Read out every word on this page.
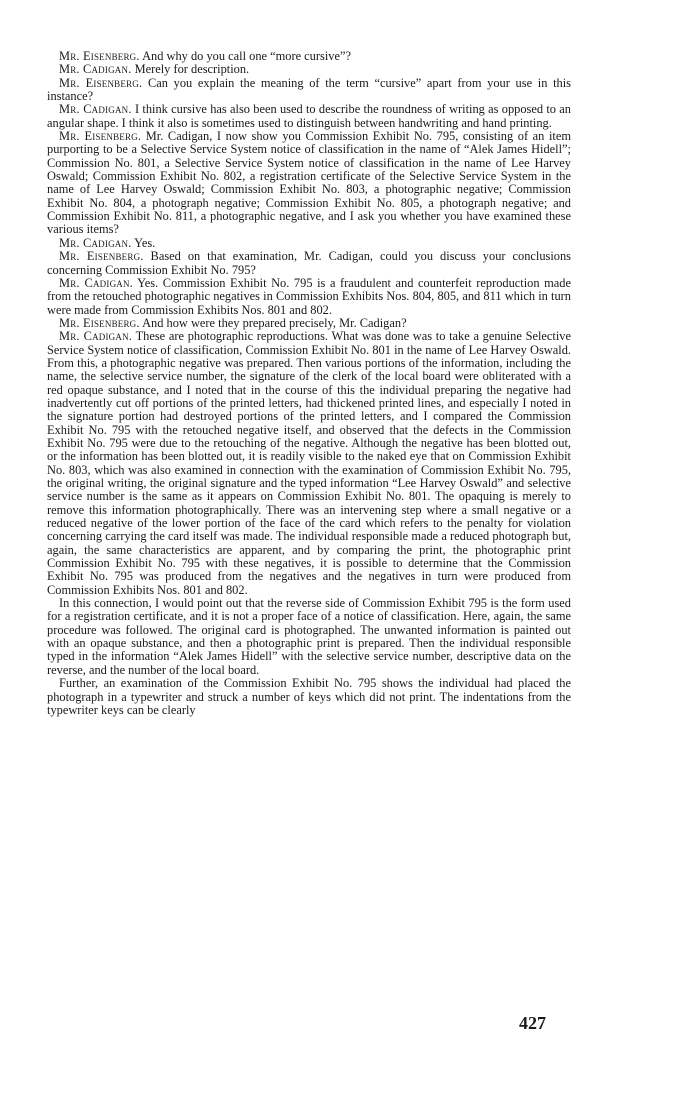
Mr. Eisenberg. And why do you call one “more cursive”?

Mr. Cadigan. Merely for description.

Mr. Eisenberg. Can you explain the meaning of the term “cursive” apart from your use in this instance?

Mr. Cadigan. I think cursive has also been used to describe the roundness of writing as opposed to an angular shape. I think it also is sometimes used to distinguish between handwriting and hand printing.

Mr. Eisenberg. Mr. Cadigan, I now show you Commission Exhibit No. 795, consisting of an item purporting to be a Selective Service System notice of classification in the name of “Alek James Hidell”; Commission No. 801, a Selective Service System notice of classification in the name of Lee Harvey Oswald; Commission Exhibit No. 802, a registration certificate of the Selective Service System in the name of Lee Harvey Oswald; Commission Exhibit No. 803, a photographic negative; Commission Exhibit No. 804, a photograph negative; Commission Exhibit No. 805, a photograph negative; and Commission Exhibit No. 811, a photographic negative, and I ask you whether you have examined these various items?

Mr. Cadigan. Yes.

Mr. Eisenberg. Based on that examination, Mr. Cadigan, could you discuss your conclusions concerning Commission Exhibit No. 795?

Mr. Cadigan. Yes. Commission Exhibit No. 795 is a fraudulent and counterfeit reproduction made from the retouched photographic negatives in Commission Exhibits Nos. 804, 805, and 811 which in turn were made from Commission Exhibits Nos. 801 and 802.

Mr. Eisenberg. And how were they prepared precisely, Mr. Cadigan?

Mr. Cadigan. These are photographic reproductions. What was done was to take a genuine Selective Service System notice of classification, Commission Exhibit No. 801 in the name of Lee Harvey Oswald. From this, a photographic negative was prepared. Then various portions of the information, including the name, the selective service number, the signature of the clerk of the local board were obliterated with a red opaque substance, and I noted that in the course of this the individual preparing the negative had inadvertently cut off portions of the printed letters, had thickened printed lines, and especially I noted in the signature portion had destroyed portions of the printed letters, and I compared the Commission Exhibit No. 795 with the retouched negative itself, and observed that the defects in the Commission Exhibit No. 795 were due to the retouching of the negative. Although the negative has been blotted out, or the information has been blotted out, it is readily visible to the naked eye that on Commission Exhibit No. 803, which was also examined in connection with the examination of Commission Exhibit No. 795, the original writing, the original signature and the typed information “Lee Harvey Oswald” and selective service number is the same as it appears on Commission Exhibit No. 801. The opaquing is merely to remove this information photographically. There was an intervening step where a small negative or a reduced negative of the lower portion of the face of the card which refers to the penalty for violation concerning carrying the card itself was made. The individual responsible made a reduced photograph but, again, the same characteristics are apparent, and by comparing the print, the photographic print Commission Exhibit No. 795 with these negatives, it is possible to determine that the Commission Exhibit No. 795 was produced from the negatives and the negatives in turn were produced from Commission Exhibits Nos. 801 and 802.

In this connection, I would point out that the reverse side of Commission Exhibit 795 is the form used for a registration certificate, and it is not a proper face of a notice of classification. Here, again, the same procedure was followed. The original card is photographed. The unwanted information is painted out with an opaque substance, and then a photographic print is prepared. Then the individual responsible typed in the information “Alek James Hidell” with the selective service number, descriptive data on the reverse, and the number of the local board.

Further, an examination of the Commission Exhibit No. 795 shows the individual had placed the photograph in a typewriter and struck a number of keys which did not print. The indentations from the typewriter keys can be clearly

427
